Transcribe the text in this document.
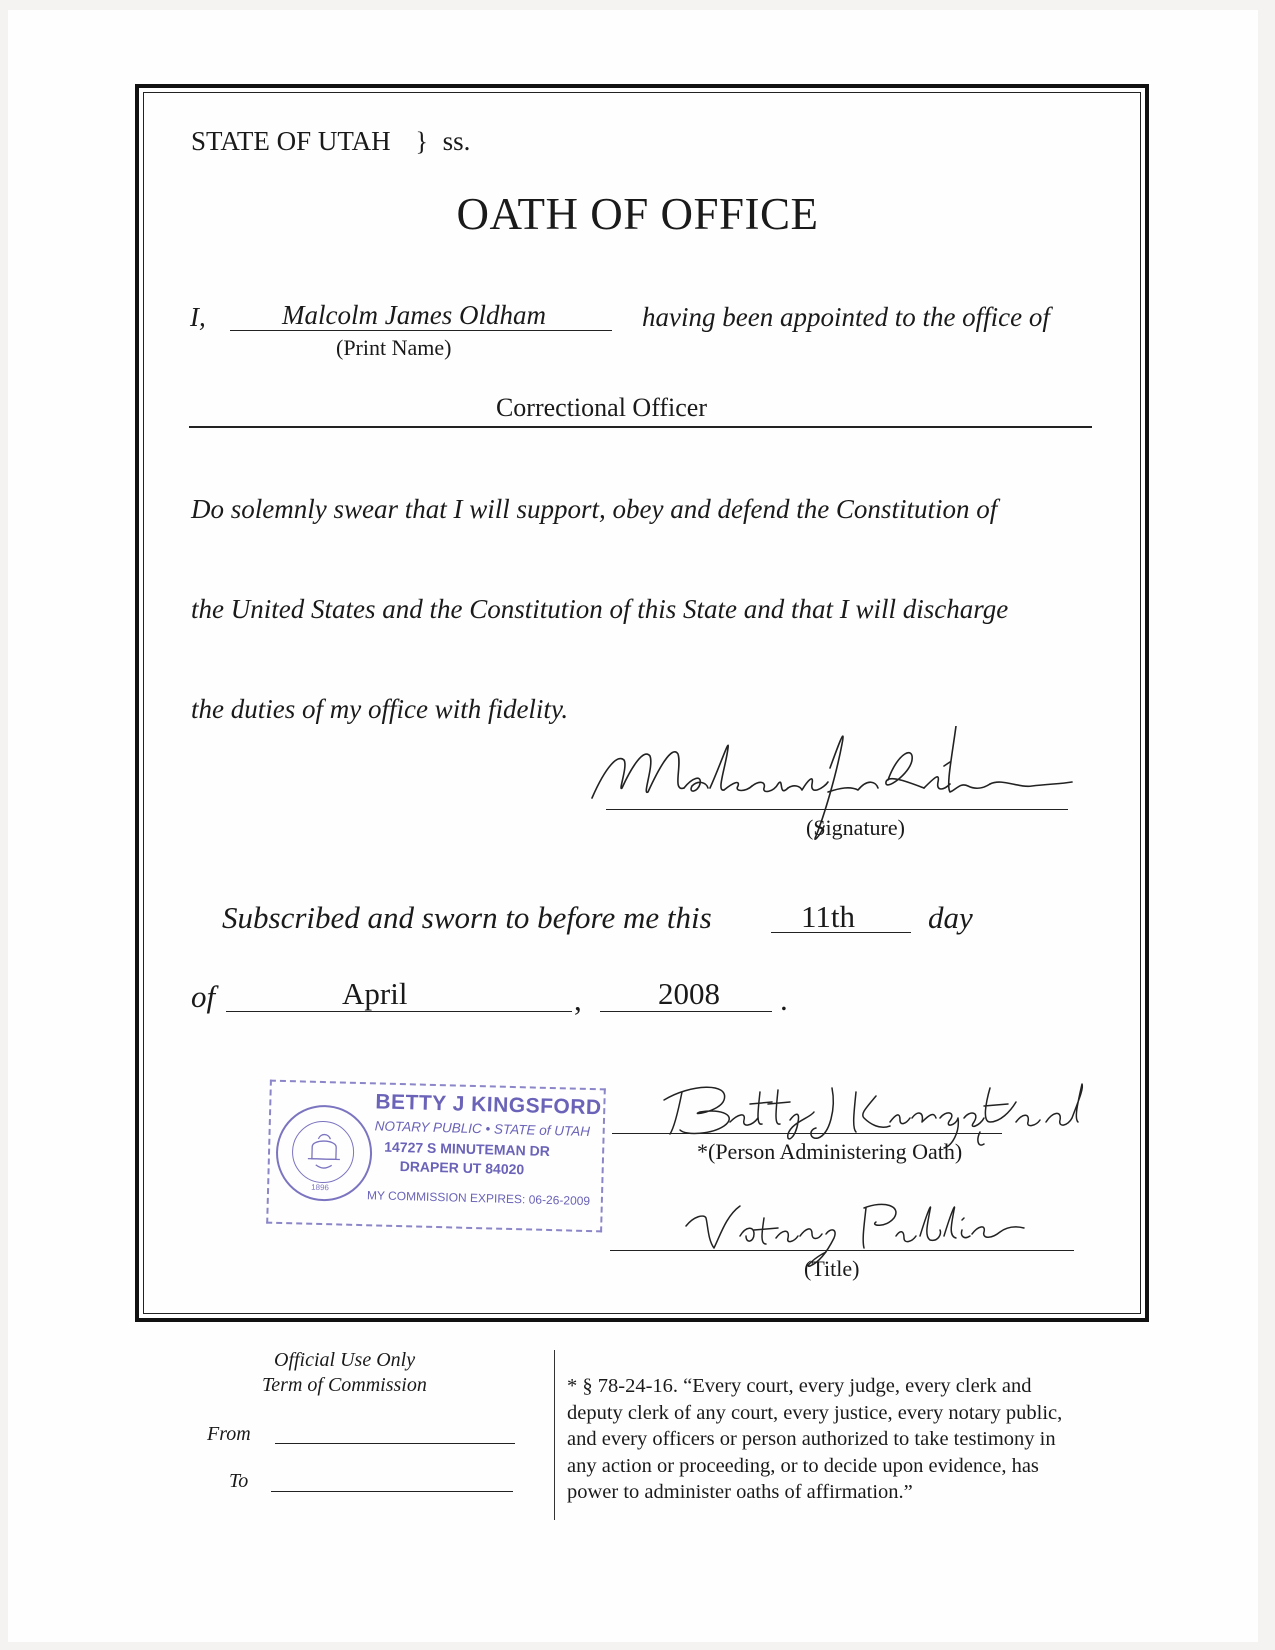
STATE OF UTAH } ss.
OATH OF OFFICE
I,	Malcolm James Oldham
(Print Name)
having been appointed to the office of
Correctional Officer
Do solemnly swear that I will support, obey and defend the Constitution of
the United States and the Constitution of this State and that I will discharge
the duties of my office with fidelity.
(Signature)
Subscribed and sworn to before me this	11th day
of	April	, 2008 .
1896
BETTY J KINGSFORD
NOTARY PUBLIC • STATE of UTAH
14727 S MINUTEMAN DR
DRAPER UT 84020
MY COMMISSION EXPIRES: 06-26-2009
*(Person Administering Oath)
(Title)
Official Use Only
Term of Commission
From
To
* § 78-24-16. “Every court, every judge, every clerk and
deputy clerk of any court, every justice, every notary public,
and every officers or person authorized to take testimony in
any action or proceeding, or to decide upon evidence, has
power to administer oaths of affirmation.”
